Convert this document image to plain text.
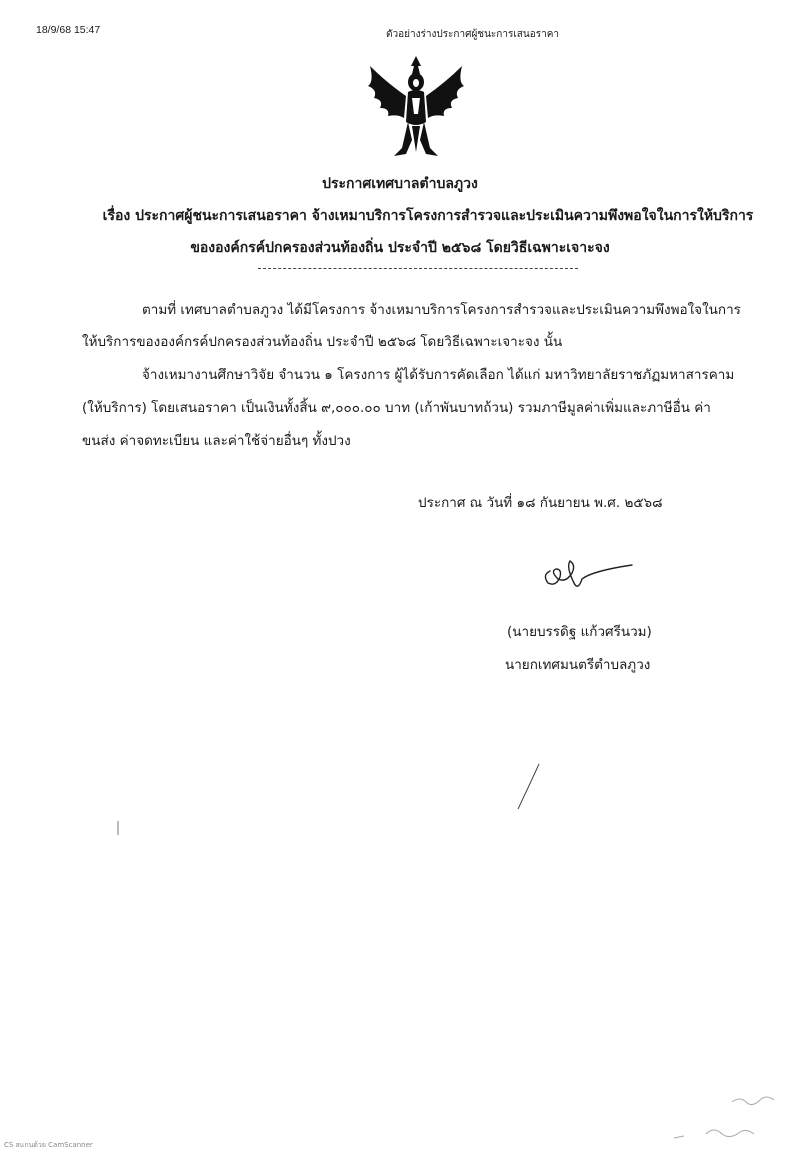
18/9/68 15:47	ตัวอย่างร่างประกาศผู้ชนะการเสนอราคา
ประกาศเทศบาลตำบลภูวง
เรื่อง ประกาศผู้ชนะการเสนอราคา จ้างเหมาบริการโครงการสำรวจและประเมินความพึงพอใจในการให้บริการ
ขององค์กรค์ปกครองส่วนท้องถิ่น ประจำปี ๒๕๖๘ โดยวิธีเฉพาะเจาะจง
ตามที่ เทศบาลตำบลภูวง ได้มีโครงการ จ้างเหมาบริการโครงการสำรวจและประเมินความพึงพอใจในการ
ให้บริการขององค์กรค์ปกครองส่วนท้องถิ่น ประจำปี ๒๕๖๘ โดยวิธีเฉพาะเจาะจง นั้น
จ้างเหมางานศึกษาวิจัย จำนวน ๑ โครงการ ผู้ได้รับการคัดเลือก ได้แก่ มหาวิทยาลัยราชภัฏมหาสารคาม
(ให้บริการ) โดยเสนอราคา เป็นเงินทั้งสิ้น ๙,๐๐๐.๐๐ บาท (เก้าพันบาทถ้วน) รวมภาษีมูลค่าเพิ่มและภาษีอื่น ค่า
ขนส่ง ค่าจดทะเบียน และค่าใช้จ่ายอื่นๆ ทั้งปวง
ประกาศ ณ วันที่ ๑๘ กันยายน พ.ศ. ๒๕๖๘
(นายบรรดิฐ แก้วศรีนวม)
นายกเทศมนตรีตำบลภูวง
CS สแกนด้วย CamScanner
